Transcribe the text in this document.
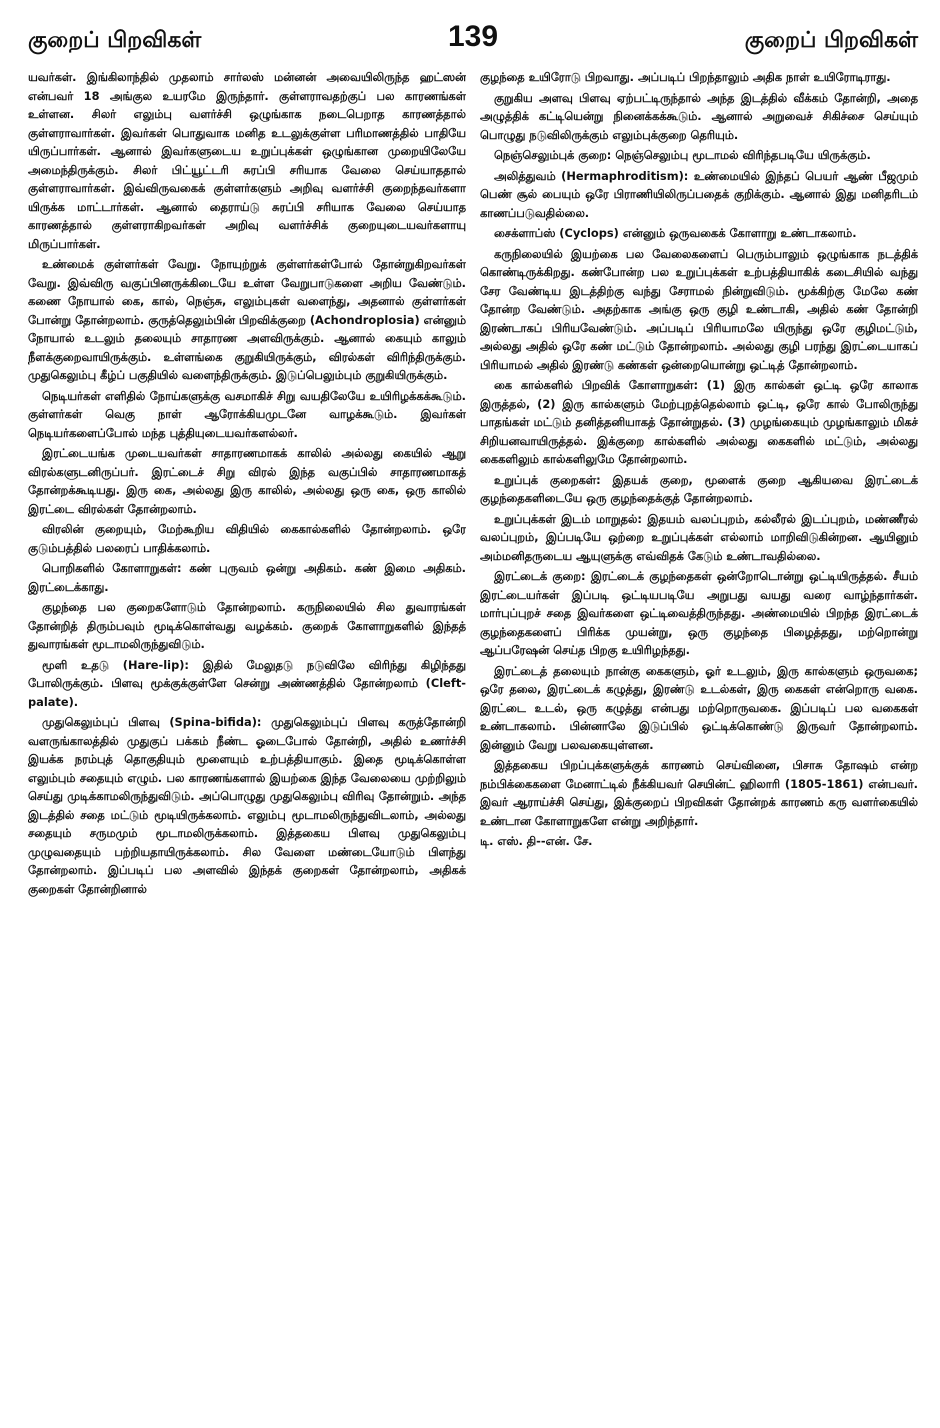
குறைப் பிறவிகள்	139	குறைப் பிறவிகள்

யவர்கள். இங்கிலாந்தில் முதலாம் சார்லஸ் மன்னன் அவையிலிருந்த ஹட்ஸன் என்பவர் 18 அங்குல உயரமே இருந்தார். குள்ளராவதற்குப் பல காரணங்கள் உள்ளன. சிலர் எலும்பு வளர்ச்சி ஒழுங்காக நடைபெறாத காரணத்தால் குள்ளராவார்கள். இவர்கள் பொதுவாக மனித உடலுக்குள்ள பரிமாணத்தில் பாதியே யிருப்பார்கள். ஆனால் இவர்களுடைய உறுப்புக்கள் ஒழுங்கான முறையிலேயே அமைந்திருக்கும். சிலர் பிட்யூட்டரி சுரப்பி சரியாக வேலை செய்யாததால் குள்ளராவார்கள். இவ்விருவகைக் குள்ளர்களும் அறிவு வளர்ச்சி குறைந்தவர்களா யிருக்க மாட்டார்கள். ஆனால் தைராய்டு சுரப்பி சரியாக வேலை செய்யாத காரணத்தால் குள்ளராகிறவர்கள் அறிவு வளர்ச்சிக் குறையுடையவர்களாயு மிருப்பார்கள்.

உண்மைக் குள்ளர்கள் வேறு. நோயுற்றுக் குள்ளர்கள்போல் தோன்றுகிறவர்கள் வேறு. இவ்விரு வகுப்பினருக்கிடையே உள்ள வேறுபாடுகளை அறிய வேண்டும். கணை நோயால் கை, கால், நெஞ்சு, எலும்புகள் வளைந்து, அதனால் குள்ளர்கள் போன்று தோன்றலாம். குருத்தெலும்பின் பிறவிக்குறை (Achondroplosia) என்னும் நோயால் உடலும் தலையும் சாதாரண அளவிருக்கும். ஆனால் கையும் காலும் நீளக்குறைவாயிருக்கும். உள்ளங்கை குறுகியிருக்கும், விரல்கள் விரிந்திருக்கும். முதுகெலும்பு கீழ்ப் பகுதியில் வளைந்திருக்கும். இடுப்பெலும்பும் குறுகியிருக்கும்.

நெடியர்கள் எளிதில் நோய்களுக்கு வசமாகிச் சிறு வயதிலேயே உயிரிழக்கக்கூடும். குள்ளர்கள் வெகு நாள் ஆரோக்கியமுடனே வாழக்கூடும். இவர்கள் நெடியர்களைப்போல் மந்த புத்தியுடையவர்களல்லர்.

இரட்டையங்க முடையவர்கள் சாதாரணமாகக் காலில் அல்லது கையில் ஆறு விரல்களுடனிருப்பர். இரட்டைச் சிறு விரல் இந்த வகுப்பில் சாதாரணமாகத் தோன்றக்கூடியது. இரு கை, அல்லது இரு காலில், அல்லது ஒரு கை, ஒரு காலில் இரட்டை விரல்கள் தோன்றலாம்.

விரலின் குறையும், மேற்கூறிய விதியில் கைகால்களில் தோன்றலாம். ஒரே குடும்பத்தில் பலரைப் பாதிக்கலாம்.

பொறிகளில் கோளாறுகள்: கண் புருவம் ஒன்று அதிகம். கண் இமை அதிகம். இரட்டைக்காது.

குழந்தை பல குறைகளோடும் தோன்றலாம். கருநிலையில் சில துவாரங்கள் தோன்றித் திரும்பவும் மூடிக்கொள்வது வழக்கம். குறைக் கோளாறுகளில் இந்தத் துவாரங்கள் மூடாமலிருந்துவிடும்.

மூளி உதடு (Hare-lip): இதில் மேலுதடு நடுவிலே விரிந்து கிழிந்தது போலிருக்கும். பிளவு மூக்குக்குள்ளே சென்று அண்ணத்தில் தோன்றலாம் (Cleft-palate).

முதுகெலும்புப் பிளவு (Spina-bifida): முதுகெலும்புப் பிளவு கருத்தோன்றி வளருங்காலத்தில் முதுகுப் பக்கம் நீண்ட ஓடைபோல் தோன்றி, அதில் உணர்ச்சி இயக்க நரம்புத் தொகுதியும் மூளையும் உற்பத்தியாகும். இதை மூடிக்கொள்ள எலும்பும் சதையும் எழும். பல காரணங்களால் இயற்கை இந்த வேலையை முற்றிலும் செய்து முடிக்காமலிருந்துவிடும். அப்பொழுது முதுகெலும்பு விரிவு தோன்றும். அந்த இடத்தில் சதை மட்டும் மூடியிருக்கலாம். எலும்பு மூடாமலிருந்துவிடலாம், அல்லது சதையும் சருமமும் மூடாமலிருக்கலாம். இத்தகைய பிளவு முதுகெலும்பு முழுவதையும் பற்றியதாயிருக்கலாம். சில வேளை மண்டையோடும் பிளந்து தோன்றலாம். இப்படிப் பல அளவில் இந்தக் குறைகள் தோன்றலாம், அதிகக் குறைகள் தோன்றினால்

குழந்தை உயிரோடு பிறவாது. அப்படிப் பிறந்தாலும் அதிக நாள் உயிரோடிராது.

குறுகிய அளவு பிளவு ஏற்பட்டிருந்தால் அந்த இடத்தில் வீக்கம் தோன்றி, அதை அழுத்திக் கட்டியென்று நினைக்கக்கூடும். ஆனால் அறுவைச் சிகிச்சை செய்யும் பொழுது நடுவிலிருக்கும் எலும்புக்குறை தெரியும்.

நெஞ்செலும்புக் குறை: நெஞ்செலும்பு மூடாமல் விரிந்தபடியே யிருக்கும்.

அலித்துவம் (Hermaphroditism): உண்மையில் இந்தப் பெயர் ஆண் பீஜமும் பெண் சூல் பையும் ஒரே பிராணியிலிருப்பதைக் குறிக்கும். ஆனால் இது மனிதரிடம் காணப்படுவதில்லை.

சைக்ளாப்ஸ் (Cyclops) என்னும் ஒருவகைக் கோளாறு உண்டாகலாம்.

கருநிலையில் இயற்கை பல வேலைகளைப் பெரும்பாலும் ஒழுங்காக நடத்திக் கொண்டிருக்கிறது. கண்போன்ற பல உறுப்புக்கள் உற்பத்தியாகிக் கடைசியில் வந்து சேர வேண்டிய இடத்திற்கு வந்து சேராமல் நின்றுவிடும். மூக்கிற்கு மேலே கண் தோன்ற வேண்டும். அதற்காக அங்கு ஒரு குழி உண்டாகி, அதில் கண் தோன்றி இரண்டாகப் பிரியவேண்டும். அப்படிப் பிரியாமலே யிருந்து ஒரே குழிமட்டும், அல்லது அதில் ஒரே கண் மட்டும் தோன்றலாம். அல்லது குழி பரந்து இரட்டையாகப் பிரியாமல் அதில் இரண்டு கண்கள் ஒன்றையொன்று ஒட்டித் தோன்றலாம்.

கை கால்களில் பிறவிக் கோளாறுகள்: (1) இரு கால்கள் ஒட்டி ஒரே காலாக இருத்தல், (2) இரு கால்களும் மேற்புறத்தெல்லாம் ஒட்டி, ஒரே கால் போலிருந்து பாதங்கள் மட்டும் தனித்தனியாகத் தோன்றுதல். (3) முழங்கையும் முழங்காலும் மிகச் சிறியனவாயிருத்தல். இக்குறை கால்களில் அல்லது கைகளில் மட்டும், அல்லது கைகளிலும் கால்களிலுமே தோன்றலாம்.

உறுப்புக் குறைகள்: இதயக் குறை, மூளைக் குறை ஆகியவை இரட்டைக் குழந்தைகளிடையே ஒரு குழந்தைக்குத் தோன்றலாம்.

உறுப்புக்கள் இடம் மாறுதல்: இதயம் வலப்புறம், கல்லீரல் இடப்புறம், மண்ணீரல் வலப்புறம், இப்படியே ஒற்றை உறுப்புக்கள் எல்லாம் மாறிவிடுகின்றன. ஆயினும் அம்மனிதருடைய ஆயுளுக்கு எவ்விதக் கேடும் உண்டாவதில்லை.

இரட்டைக் குறை: இரட்டைக் குழந்தைகள் ஒன்றோடொன்று ஒட்டியிருத்தல். சீயம் இரட்டையர்கள் இப்படி ஒட்டியபடியே அறுபது வயது வரை வாழ்ந்தார்கள். மார்புப்புறச் சதை இவர்களை ஒட்டிவைத்திருந்தது. அண்மையில் பிறந்த இரட்டைக் குழந்தைகளைப் பிரிக்க முயன்று, ஒரு குழந்தை பிழைத்தது, மற்றொன்று ஆப்பரேஷன் செய்த பிறகு உயிரிழந்தது.

இரட்டைத் தலையும் நான்கு கைகளும், ஓர் உடலும், இரு கால்களும் ஒருவகை; ஒரே தலை, இரட்டைக் கழுத்து, இரண்டு உடல்கள், இரு கைகள் என்றொரு வகை. இரட்டை உடல், ஒரு கழுத்து என்பது மற்றொருவகை. இப்படிப் பல வகைகள் உண்டாகலாம். பின்னாலே இடுப்பில் ஒட்டிக்கொண்டு இருவர் தோன்றலாம். இன்னும் வேறு பலவகையுள்ளன.

இத்தகைய பிறப்புக்களுக்குக் காரணம் செய்வினை, பிசாசு தோஷம் என்ற நம்பிக்கைகளை மேனாட்டில் நீக்கியவர் செயின்ட் ஹிலாரி (1805-1861) என்பவர். இவர் ஆராய்ச்சி செய்து, இக்குறைப் பிறவிகள் தோன்றக் காரணம் கரு வளர்கையில் உண்டான கோளாறுகளே என்று அறிந்தார்.

டி. எஸ். தி--என். சே.
